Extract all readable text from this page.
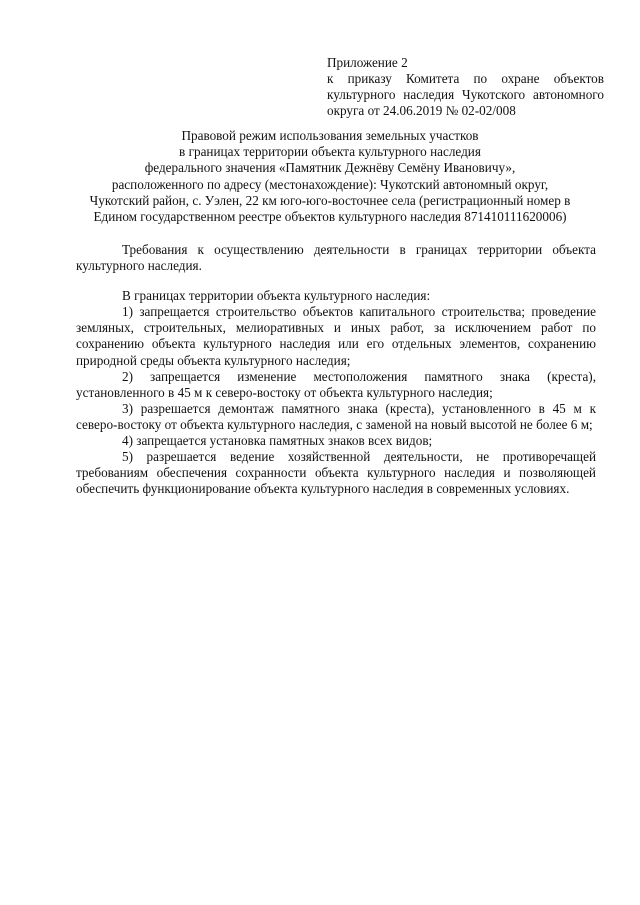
Приложение 2
к приказу Комитета по охране объектов
культурного наследия Чукотского автономного
округа от 24.06.2019 № 02-02/008
Правовой режим использования земельных участков
в границах территории объекта культурного наследия
федерального значения «Памятник Дежнёву Семёну Ивановичу»,
расположенного по адресу (местонахождение): Чукотский автономный округ,
Чукотский район, с. Уэлен, 22 км юго-юго-восточнее села (регистрационный номер в
Едином государственном реестре объектов культурного наследия 871410111620006)

Требования к осуществлению деятельности в границах территории объекта культурного наследия.

В границах территории объекта культурного наследия:

1) запрещается строительство объектов капитального строительства; проведение земляных, строительных, мелиоративных и иных работ, за исключением работ по сохранению объекта культурного наследия или его отдельных элементов, сохранению природной среды объекта культурного наследия;

2) запрещается изменение местоположения памятного знака (креста), установленного в 45 м к северо-востоку от объекта культурного наследия;

3) разрешается демонтаж памятного знака (креста), установленного в 45 м к северо-востоку от объекта культурного наследия, с заменой на новый высотой не более 6 м;

4) запрещается установка памятных знаков всех видов;

5) разрешается ведение хозяйственной деятельности, не противоречащей требованиям обеспечения сохранности объекта культурного наследия и позволяющей обеспечить функционирование объекта культурного наследия в современных условиях.
